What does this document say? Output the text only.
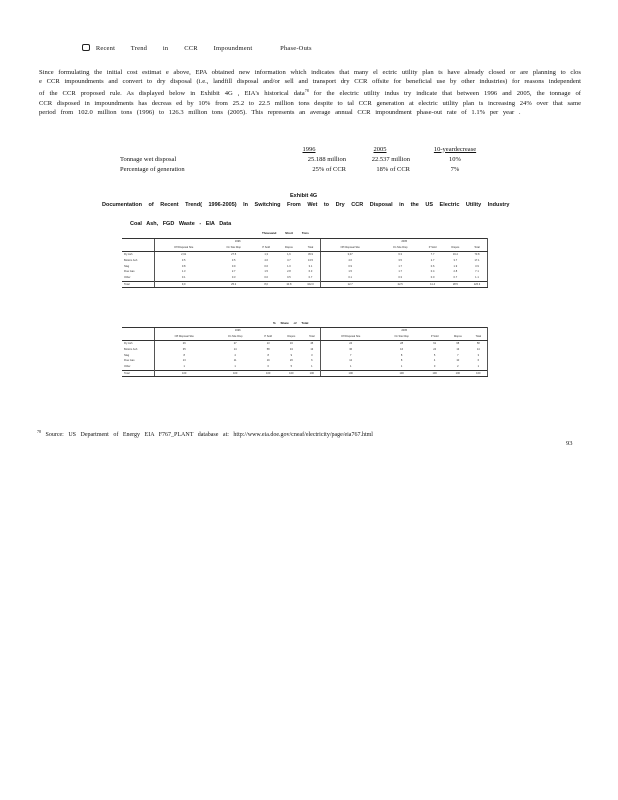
Recent Trend in CCR Impoundment	Phase-Outs
Since formulating the initial cost estimat e above, EPA obtained new information which indicates that many el ectric utility plan ts have already closed or are planning to clos e CCR impoundments and convert to dry disposal (i.e., landfill disposal and/or sell and transport dry CCR offsite for beneficial use by other industries) for reasons independent of the CCR proposed rule. As displayed below in Exhibit 4G , EIA's historical data$^{78}$ for the electric utility indus try indicate that between 1996 and 2005, the tonnage of CCR disposed in impoundments has decreas ed by 10% from 25.2 to 22.5 million tons despite to tal CCR generation at electric utility plan ts increasing 24% over that same period from 102.0 million tons (1996) to 126.3 million tons (2005). This represents an average annual CCR impoundment phase-out rate of 1.1% per year .
	1996	2005	10-yeardecrease
Tonnage wet disposal	25.188 million	22.537 million	10%
Percentage of generation	25% of CCR	18% of CCR	7%
Exhibit 4G
Documentation of Recent Trend( 1996-2005) In Switching From Wet to Dry CCR Disposal in the US Electric Utility Industry
Coal Ash, FGD Waste - EIA Data
Thousand Short Tons
	1996					2005				
	Off Disposal Site	On Site Disp	P Sold	Dispos	Total	Off Disposal Site	On Site Disp	P Sold	Dispos	Total
Fly Ash	2,61	27.5	1,3	1,6	45.9	3,07	6.3	7.7	19.4	73.8
Bottom Ash	3.5	3.5	4.6	3.7	13.5	4.6	3.5	2.7	3.7	17.1
Slag	0.8	0.9	0.6	1.0	3.1	0.9	1.7	0.6	1.9	3.9
Flue Gas	1.3	2.7	1.5	2.8	6.3	1.5	1.7	0.4	2.8	7.1
Other	0.1	0.3	0.0	0.5	0.7	0.1	0.3	0.0	0.7	1.1
Total	9,9	25.2	8,0	10.8	102.0	12.7	22.5	11.4	28.5	126.3
% Share of Total
	1996					2005				
	Off Disposal Site	On Site Disp	P Sold	Dispos	Total	Off Disposal Site	On Site Disp	P Sold	Dispos	Total
Fly Ash	26	27	13	16	45	24	28	61	68	58
Bottom Ash	35	14	58	34	13	36	16	24	13	14
Slag	8	4	8	9	3	7	8	5	7	3
Flue Gas	13	11	19	26	6	12	8	4	10	6
Other	1	1	0	5	1	1	1	0	2	1
Total	100	100	100	100	100	100	100	100	100	100
$^{78}$ Source: US Department of Energy EIA F767_PLANT database at: http://www.eia.doe.gov/cneaf/electricity/page/eia767.html
93
